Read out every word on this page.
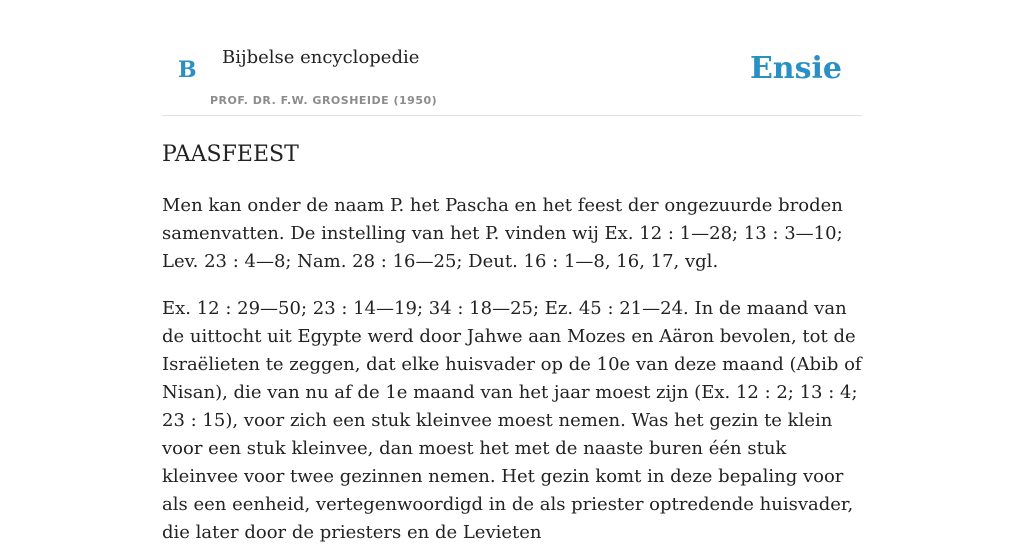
B Bijbelse encyclopedie
PROF. DR. F.W. GROSHEIDE (1950)
Ensie
PAASFEEST

Men kan onder de naam P. het Pascha en het feest der ongezuurde broden samenvatten. De instelling van het P. vinden wij Ex. 12 : 1—28; 13 : 3—10; Lev. 23 : 4—8; Nam. 28 : 16—25; Deut. 16 : 1—8, 16, 17, vgl.

Ex. 12 : 29—50; 23 : 14—19; 34 : 18—25; Ez. 45 : 21—24. In de maand van de uittocht uit Egypte werd door Jahwe aan Mozes en Aäron bevolen, tot de Israëlieten te zeggen, dat elke huisvader op de 10e van deze maand (Abib of Nisan), die van nu af de 1e maand van het jaar moest zijn (Ex. 12 : 2; 13 : 4; 23 : 15), voor zich een stuk kleinvee moest nemen. Was het gezin te klein voor een stuk kleinvee, dan moest het met de naaste buren één stuk kleinvee voor twee gezinnen nemen. Het gezin komt in deze bepaling voor als een eenheid, vertegenwoordigd in de als priester optredende huisvader, die later door de priesters en de Levieten
